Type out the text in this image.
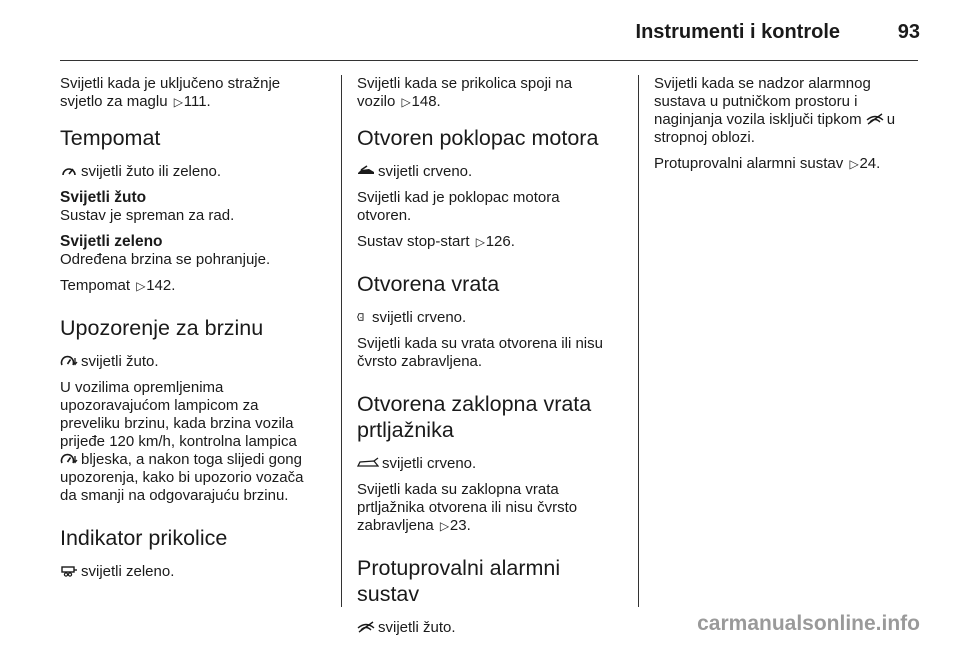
Instrumenti i kontrole	93

Svijetli kada je uključeno stražnje
svjetlo za maglu ▷111.

Tempomat

svijetli žuto ili zeleno.

Svijetli žuto

Sustav je spreman za rad.

Svijetli zeleno

Određena brzina se pohranjuje.

Tempomat ▷142.

Upozorenje za brzinu

svijetli žuto.

U vozilima opremljenima
upozoravajućom lampicom za
preveliku brzinu, kada brzina vozila
prijeđe 120 km/h, kontrolna lampica
bljeska, a nakon toga slijedi gong
upozorenja, kako bi upozorio vozača
da smanji na odgovarajuću brzinu.

Indikator prikolice

svijetli zeleno.

Svijetli kada se prikolica spoji na
vozilo ▷148.

Otvoren poklopac motora

svijetli crveno.

Svijetli kad je poklopac motora
otvoren.

Sustav stop-start ▷126.

Otvorena vrata

svijetli crveno.

Svijetli kada su vrata otvorena ili nisu
čvrsto zabravljena.

Otvorena zaklopna vrata
prtljažnika

svijetli crveno.

Svijetli kada su zaklopna vrata
prtljažnika otvorena ili nisu čvrsto
zabravljena ▷23.

Protuprovalni alarmni
sustav

svijetli žuto.

Svijetli kada se nadzor alarmnog
sustava u putničkom prostoru i
naginjanja vozila isključi tipkom u
stropnoj oblozi.

Protuprovalni alarmni sustav ▷24.

carmanualsonline.info
